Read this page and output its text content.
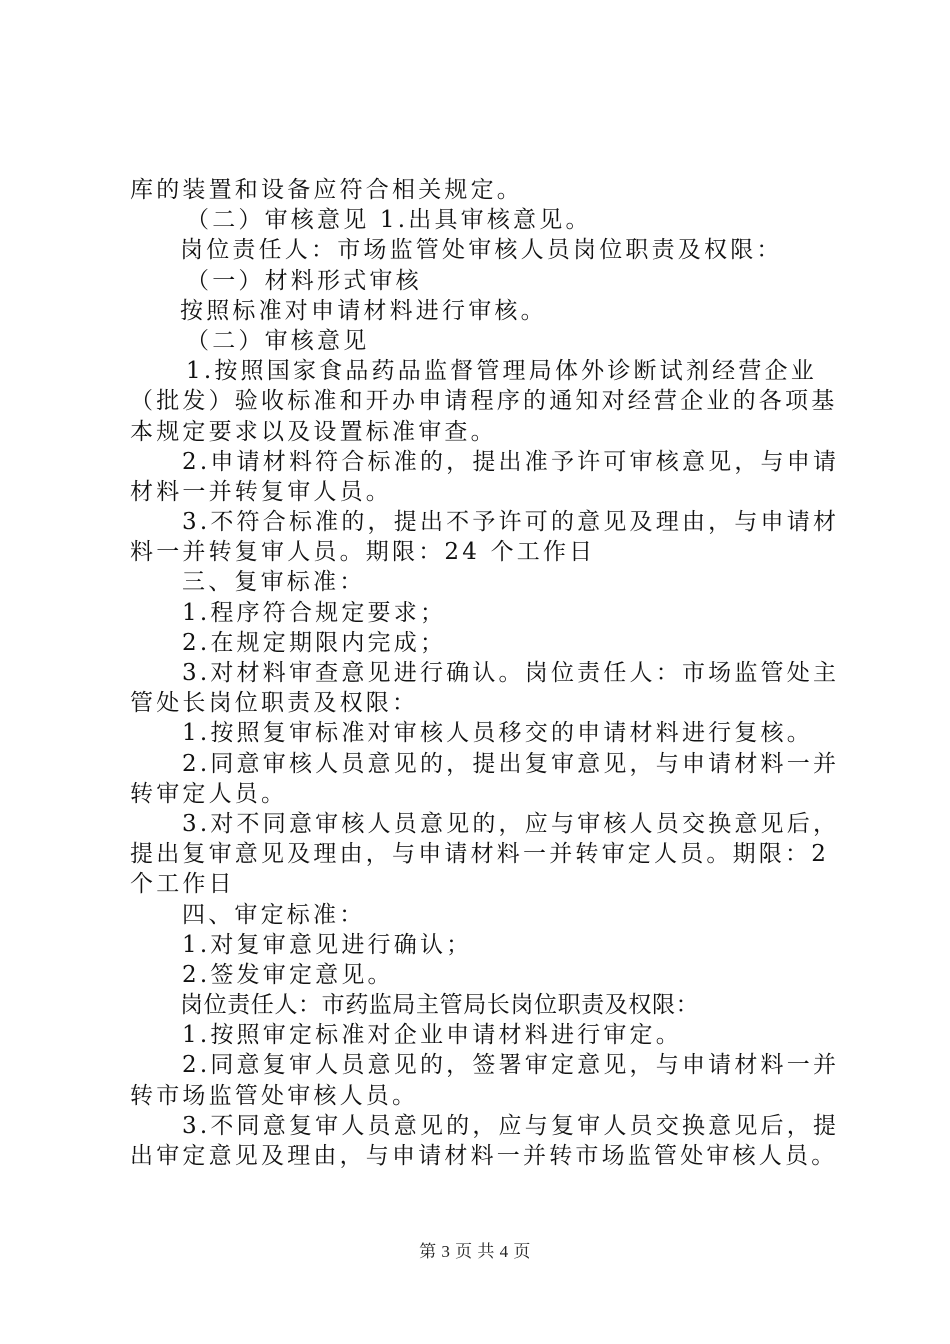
库的装置和设备应符合相关规定。
（二）审核意见 1.出具审核意见。
岗位责任人：市场监管处审核人员岗位职责及权限：
（一）材料形式审核
按照标准对申请材料进行审核。
（二）审核意见
1.按照国家食品药品监督管理局体外诊断试剂经营企业
（批发）验收标准和开办申请程序的通知对经营企业的各项基
本规定要求以及设置标准审查。
2.申请材料符合标准的，提出准予许可审核意见，与申请
材料一并转复审人员。
3.不符合标准的，提出不予许可的意见及理由，与申请材
料一并转复审人员。期限：24 个工作日
三、复审标准：
1.程序符合规定要求；
2.在规定期限内完成；
3.对材料审查意见进行确认。岗位责任人：市场监管处主
管处长岗位职责及权限：
1.按照复审标准对审核人员移交的申请材料进行复核。
2.同意审核人员意见的，提出复审意见，与申请材料一并
转审定人员。
3.对不同意审核人员意见的，应与审核人员交换意见后，
提出复审意见及理由，与申请材料一并转审定人员。期限：2
个工作日
四、审定标准：
1.对复审意见进行确认；
2.签发审定意见。
岗位责任人：市药监局主管局长岗位职责及权限：
1.按照审定标准对企业申请材料进行审定。
2.同意复审人员意见的，签署审定意见，与申请材料一并
转市场监管处审核人员。
3.不同意复审人员意见的，应与复审人员交换意见后，提
出审定意见及理由，与申请材料一并转市场监管处审核人员。
第 3 页 共 4 页
